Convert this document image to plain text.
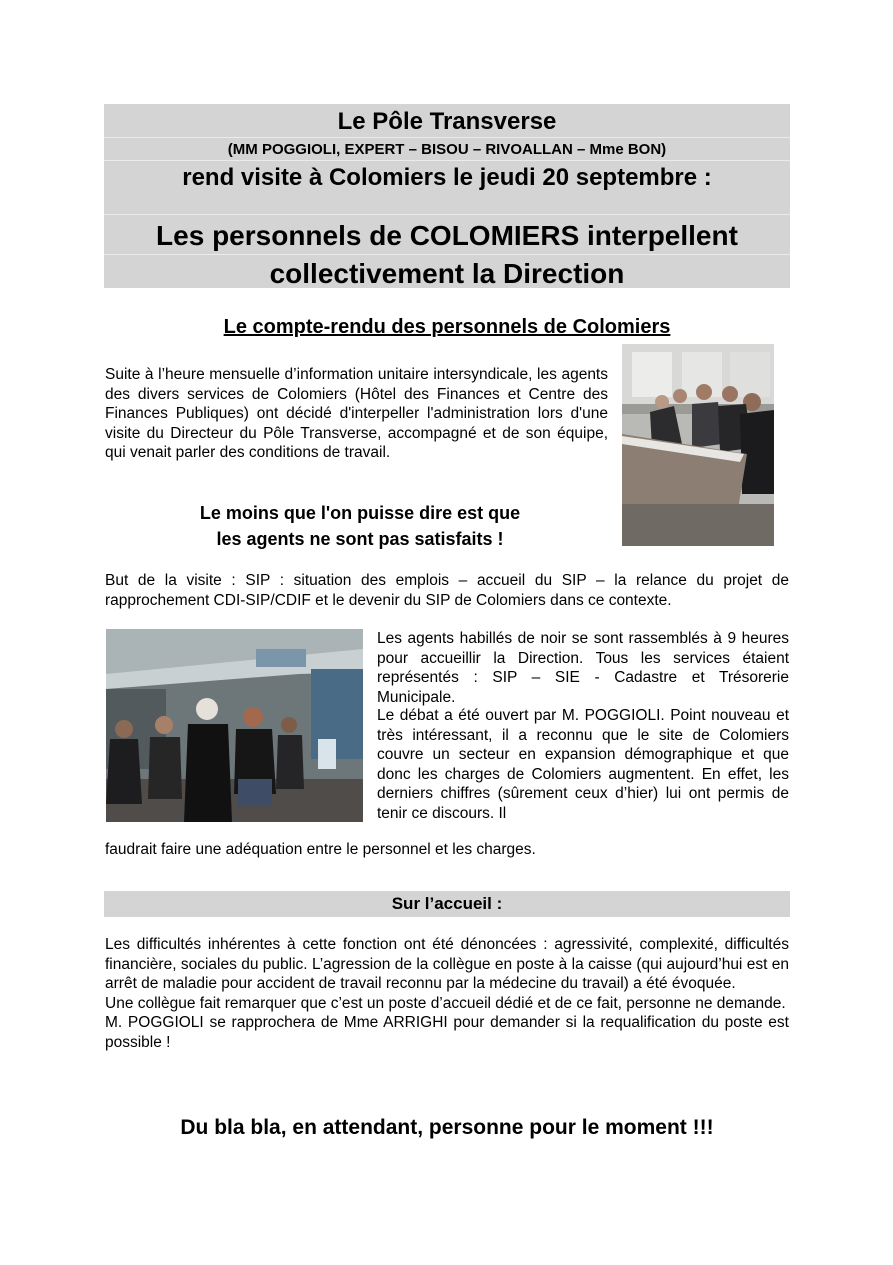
Le Pôle Transverse
(MM POGGIOLI, EXPERT – BISOU – RIVOALLAN – Mme BON)
rend visite à Colomiers le jeudi 20 septembre :
Les personnels de COLOMIERS interpellent
collectivement la Direction
Le compte-rendu des personnels de Colomiers
Suite à l’heure mensuelle d’information unitaire intersyndicale, les agents des divers services de Colomiers (Hôtel des Finances et Centre des Finances Publiques) ont décidé d'interpeller l'administration lors d'une visite du Directeur du Pôle Transverse, accompagné et de son équipe, qui venait parler des conditions de travail.
Le moins que l'on puisse dire est que
les agents ne sont pas satisfaits !
But de la visite : SIP : situation des emplois – accueil du SIP – la relance du projet de rapprochement CDI-SIP/CDIF et le devenir du SIP de Colomiers dans ce contexte.
Les agents habillés de noir se sont rassemblés à 9 heures pour accueillir la Direction. Tous les services étaient représentés : SIP – SIE - Cadastre et Trésorerie Municipale.
Le débat a été ouvert par M. POGGIOLI. Point nouveau et très intéressant, il a reconnu que le site de Colomiers couvre un secteur en expansion démographique et que donc les charges de Colomiers augmentent. En effet, les derniers chiffres (sûrement ceux d’hier) lui ont permis de tenir ce discours. Il
faudrait faire une adéquation entre le personnel et les charges.
Sur l’accueil :
Les difficultés inhérentes à cette fonction ont été dénoncées : agressivité, complexité, difficultés financière, sociales du public. L’agression de la collègue en poste à la caisse (qui aujourd’hui est en arrêt de maladie pour accident de travail reconnu par la médecine du travail) a été évoquée.
Une collègue fait remarquer que c’est un poste d’accueil dédié et de ce fait, personne ne demande.
M. POGGIOLI se rapprochera de Mme ARRIGHI pour demander si la requalification du poste est possible !
Du bla bla, en attendant, personne pour le moment !!!
